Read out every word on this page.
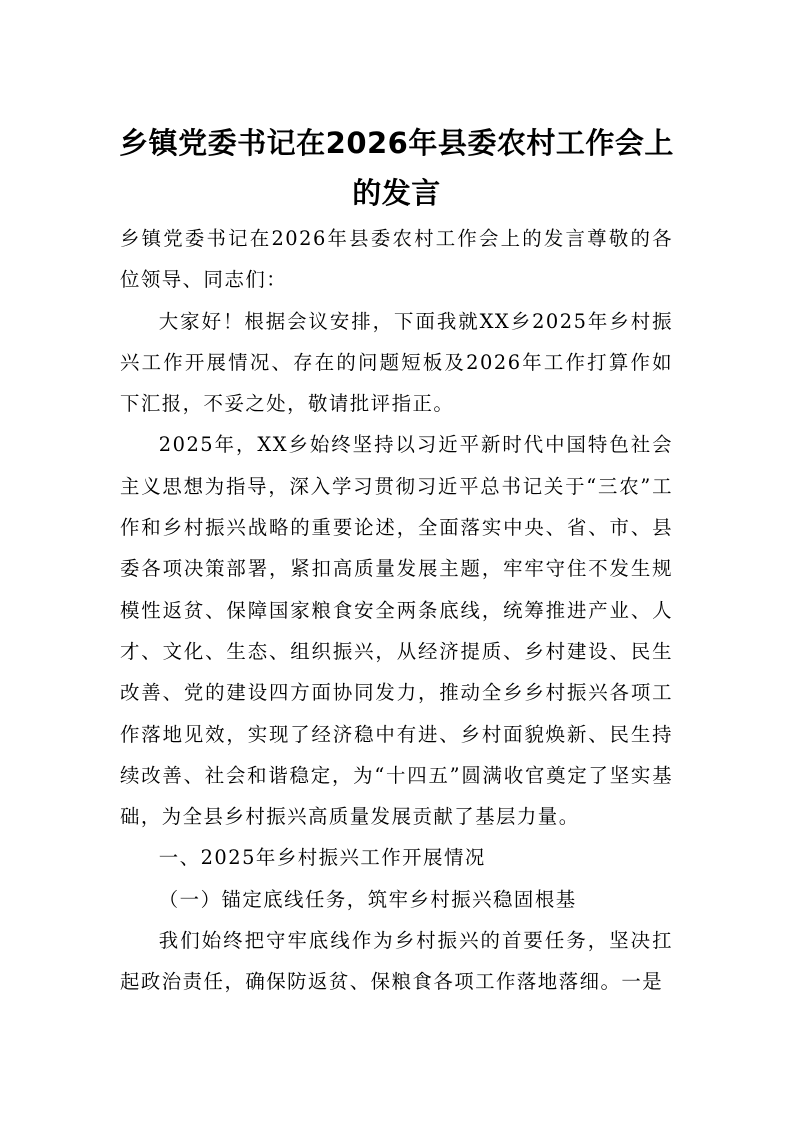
乡镇党委书记在2026年县委农村工作会上
的发言

乡镇党委书记在2026年县委农村工作会上的发言尊敬的各位领导、同志们：

大家好！根据会议安排，下面我就XX乡2025年乡村振兴工作开展情况、存在的问题短板及2026年工作打算作如下汇报，不妥之处，敬请批评指正。

2025年，XX乡始终坚持以习近平新时代中国特色社会主义思想为指导，深入学习贯彻习近平总书记关于“三农”工作和乡村振兴战略的重要论述，全面落实中央、省、市、县委各项决策部署，紧扣高质量发展主题，牢牢守住不发生规模性返贫、保障国家粮食安全两条底线，统筹推进产业、人才、文化、生态、组织振兴，从经济提质、乡村建设、民生改善、党的建设四方面协同发力，推动全乡乡村振兴各项工作落地见效，实现了经济稳中有进、乡村面貌焕新、民生持续改善、社会和谐稳定，为“十四五”圆满收官奠定了坚实基础，为全县乡村振兴高质量发展贡献了基层力量。

一、2025年乡村振兴工作开展情况

（一）锚定底线任务，筑牢乡村振兴稳固根基

我们始终把守牢底线作为乡村振兴的首要任务，坚决扛起政治责任，确保防返贫、保粮食各项工作落地落细。一是
